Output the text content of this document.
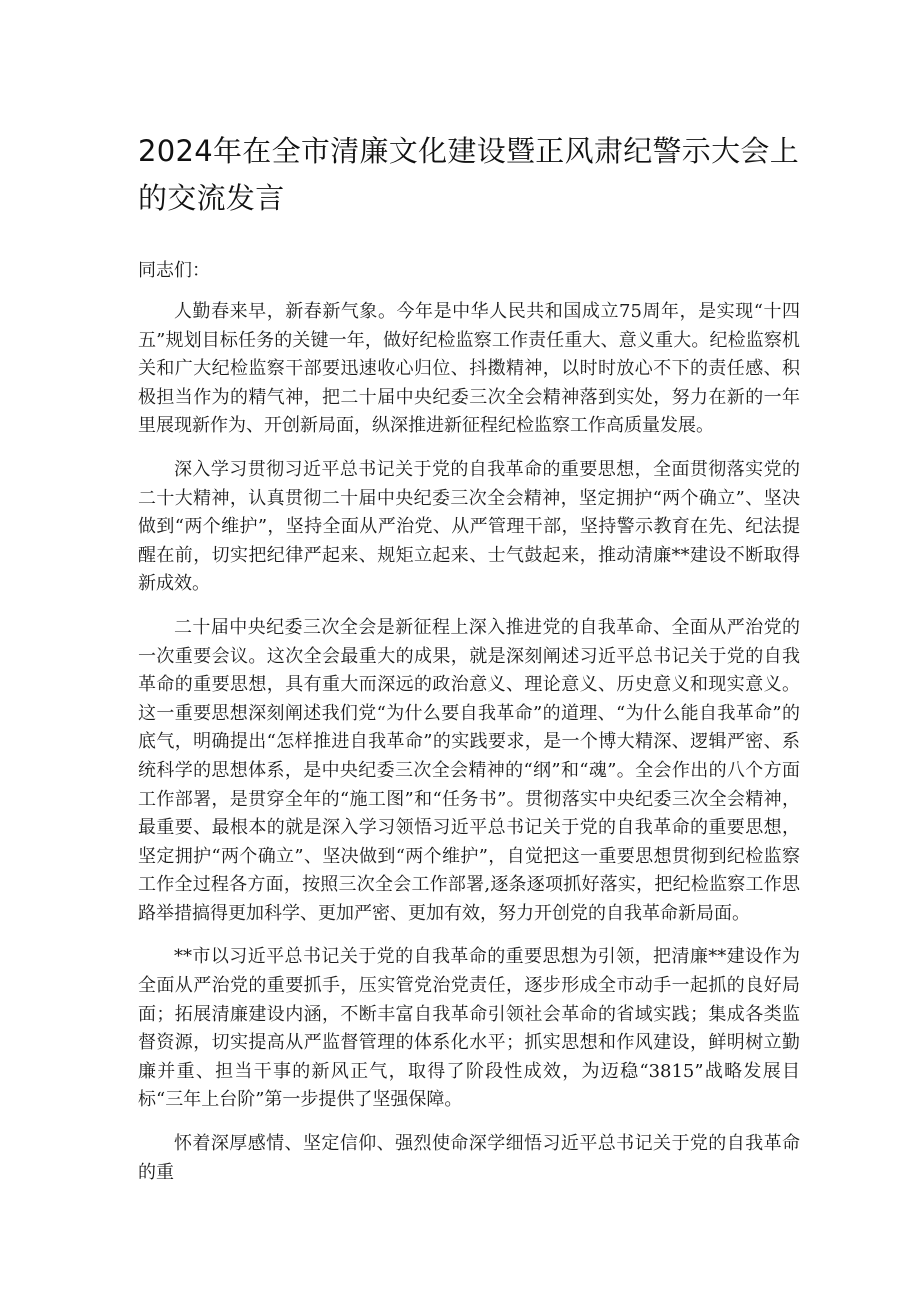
2024年在全市清廉文化建设暨正风肃纪警示大会上的交流发言

同志们：

人勤春来早，新春新气象。今年是中华人民共和国成立75周年，是实现“十四五”规划目标任务的关键一年，做好纪检监察工作责任重大、意义重大。纪检监察机关和广大纪检监察干部要迅速收心归位、抖擞精神，以时时放心不下的责任感、积极担当作为的精气神，把二十届中央纪委三次全会精神落到实处，努力在新的一年里展现新作为、开创新局面，纵深推进新征程纪检监察工作高质量发展。

深入学习贯彻习近平总书记关于党的自我革命的重要思想，全面贯彻落实党的二十大精神，认真贯彻二十届中央纪委三次全会精神，坚定拥护“两个确立”、坚决做到“两个维护”，坚持全面从严治党、从严管理干部，坚持警示教育在先、纪法提醒在前，切实把纪律严起来、规矩立起来、士气鼓起来，推动清廉**建设不断取得新成效。

二十届中央纪委三次全会是新征程上深入推进党的自我革命、全面从严治党的一次重要会议。这次全会最重大的成果，就是深刻阐述习近平总书记关于党的自我革命的重要思想，具有重大而深远的政治意义、理论意义、历史意义和现实意义。这一重要思想深刻阐述我们党“为什么要自我革命”的道理、“为什么能自我革命”的底气，明确提出“怎样推进自我革命”的实践要求，是一个博大精深、逻辑严密、系统科学的思想体系，是中央纪委三次全会精神的“纲”和“魂”。全会作出的八个方面工作部署，是贯穿全年的“施工图”和“任务书”。贯彻落实中央纪委三次全会精神，最重要、最根本的就是深入学习领悟习近平总书记关于党的自我革命的重要思想，坚定拥护“两个确立”、坚决做到“两个维护”，自觉把这一重要思想贯彻到纪检监察工作全过程各方面，按照三次全会工作部署,逐条逐项抓好落实，把纪检监察工作思路举措搞得更加科学、更加严密、更加有效，努力开创党的自我革命新局面。

**市以习近平总书记关于党的自我革命的重要思想为引领，把清廉**建设作为全面从严治党的重要抓手，压实管党治党责任，逐步形成全市动手一起抓的良好局面；拓展清廉建设内涵，不断丰富自我革命引领社会革命的省域实践；集成各类监督资源，切实提高从严监督管理的体系化水平；抓实思想和作风建设，鲜明树立勤廉并重、担当干事的新风正气，取得了阶段性成效，为迈稳“3815”战略发展目标“三年上台阶”第一步提供了坚强保障。

怀着深厚感情、坚定信仰、强烈使命深学细悟习近平总书记关于党的自我革命的重
